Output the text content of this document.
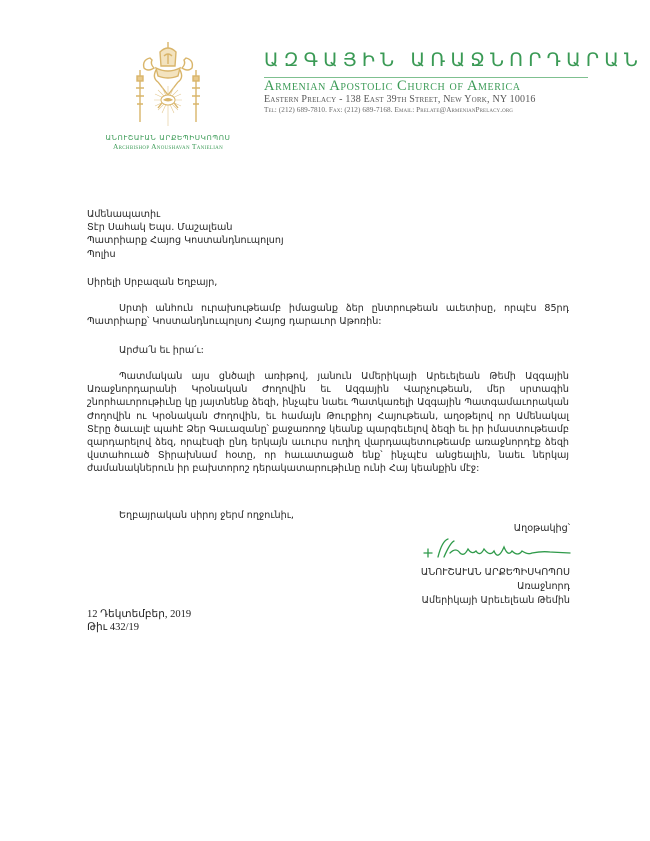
ԱՆՈՒՇԱՒԱՆ ԱՐՔԵՊԻՍԿՈՊՈՍ
Archbishop Anoushavan Tanielian
ԱԶԳԱՅԻՆ ԱՌԱՋՆՈՐԴԱՐԱՆ
Armenian Apostolic Church of America
Eastern Prelacy - 138 East 39th Street, New York, NY 10016
Tel: (212) 689-7810. Fax: (212) 689-7168. Email: Prelate@ArmenianPrelacy.org
Ամենապատիւ
Տէր Սահակ Եպս. Մաշալեան
Պատրիարք Հայոց Կոստանդնուպոլսոյ
Պոլիս
Սիրելի Սրբազան Եղբայր,
Սրտի անհուն ուրախութեամբ իմացանք ձեր ընտրութեան աւետիսը, որպէս 85րդ Պատրիարք՝ Կոստանդնուպոլսոյ Հայոց դարաւոր Աթոռին:
Արժա՛ն եւ իրա՛ւ:
Պատմական այս ցնծալի առիթով, յանուն Ամերիկայի Արեւելեան Թեմի Ազգային Առաջնորդարանի Կրօնական Ժողովին եւ Ազգային Վարչութեան, մեր սրտագին շնորհաւորութիւնը կը յայտնենք ձեզի, ինչպէս նաեւ Պատկառելի Ազգային Պատգամաւորական Ժողովին ու Կրօնական Ժողովին, եւ համայն Թուրքիոյ Հայութեան, աղօթելով որ Ամենակալ Տէրը ծաւալէ պահէ Ձեր Գաւազանը՝ քաջառողջ կեանք պարգեւելով ձեզի եւ իր իմաստութեամբ զարդարելով ձեզ, որպէսզի ընդ երկայն աւուրս ուղիղ վարդապետութեամբ առաջնորդէք ձեզի վստահուած Տիրախնամ հօտը, որ հաւատացած ենք՝ ինչպէս անցեալին, նաեւ ներկայ ժամանակներուն իր բախտորոշ դերակատարութիւնը ունի Հայ կեանքին մէջ:
Եղբայրական սիրոյ ջերմ ողջունիւ,
Աղօթակից՝
ԱՆՈՒՇԱՒԱՆ ԱՐՔԵՊԻՍԿՈՊՈՍ
Առաջնորդ
Ամերիկայի Արեւելեան Թեմին
12 Դեկտեմբեր, 2019
Թիւ 432/19
